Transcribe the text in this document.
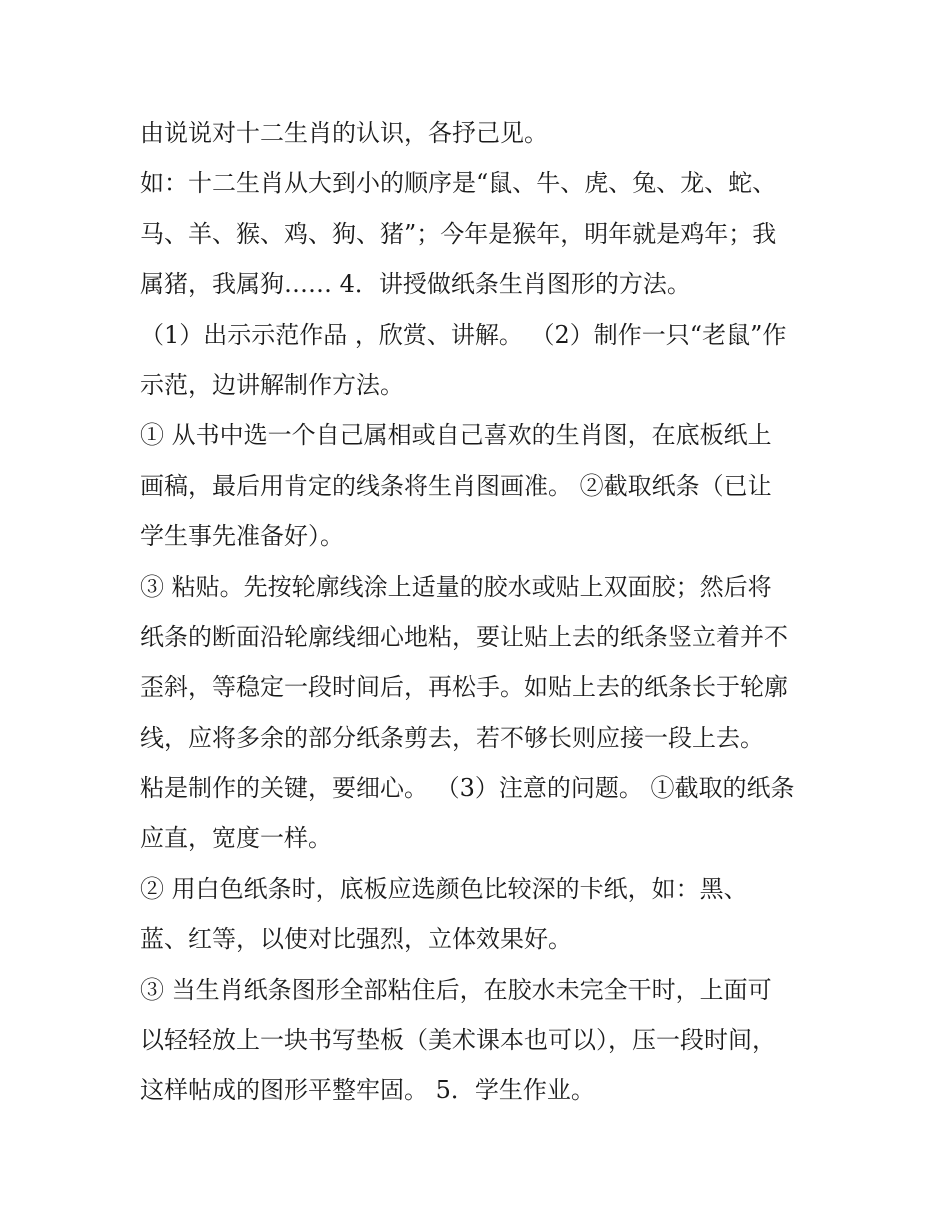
由说说对十二生肖的认识，各抒己见。
如：十二生肖从大到小的顺序是“鼠、牛、虎、兔、龙、蛇、
马、羊、猴、鸡、狗、猪”；今年是猴年，明年就是鸡年；我
属猪，我属狗…… 4．讲授做纸条生肖图形的方法。
（1）出示示范作品 ，欣赏、讲解。 （2）制作一只“老鼠”作
示范，边讲解制作方法。
① 从书中选一个自己属相或自己喜欢的生肖图，在底板纸上
画稿，最后用肯定的线条将生肖图画准。 ②截取纸条（已让
学生事先准备好）。
③ 粘贴。先按轮廓线涂上适量的胶水或贴上双面胶；然后将
纸条的断面沿轮廓线细心地粘，要让贴上去的纸条竖立着并不
歪斜，等稳定一段时间后，再松手。如贴上去的纸条长于轮廓
线，应将多余的部分纸条剪去，若不够长则应接一段上去。
粘是制作的关键，要细心。 （3）注意的问题。 ①截取的纸条
应直，宽度一样。
② 用白色纸条时，底板应选颜色比较深的卡纸，如：黑、
蓝、红等，以使对比强烈，立体效果好。
③ 当生肖纸条图形全部粘住后，在胶水未完全干时，上面可
以轻轻放上一块书写垫板（美术课本也可以），压一段时间，
这样帖成的图形平整牢固。 5．学生作业。
